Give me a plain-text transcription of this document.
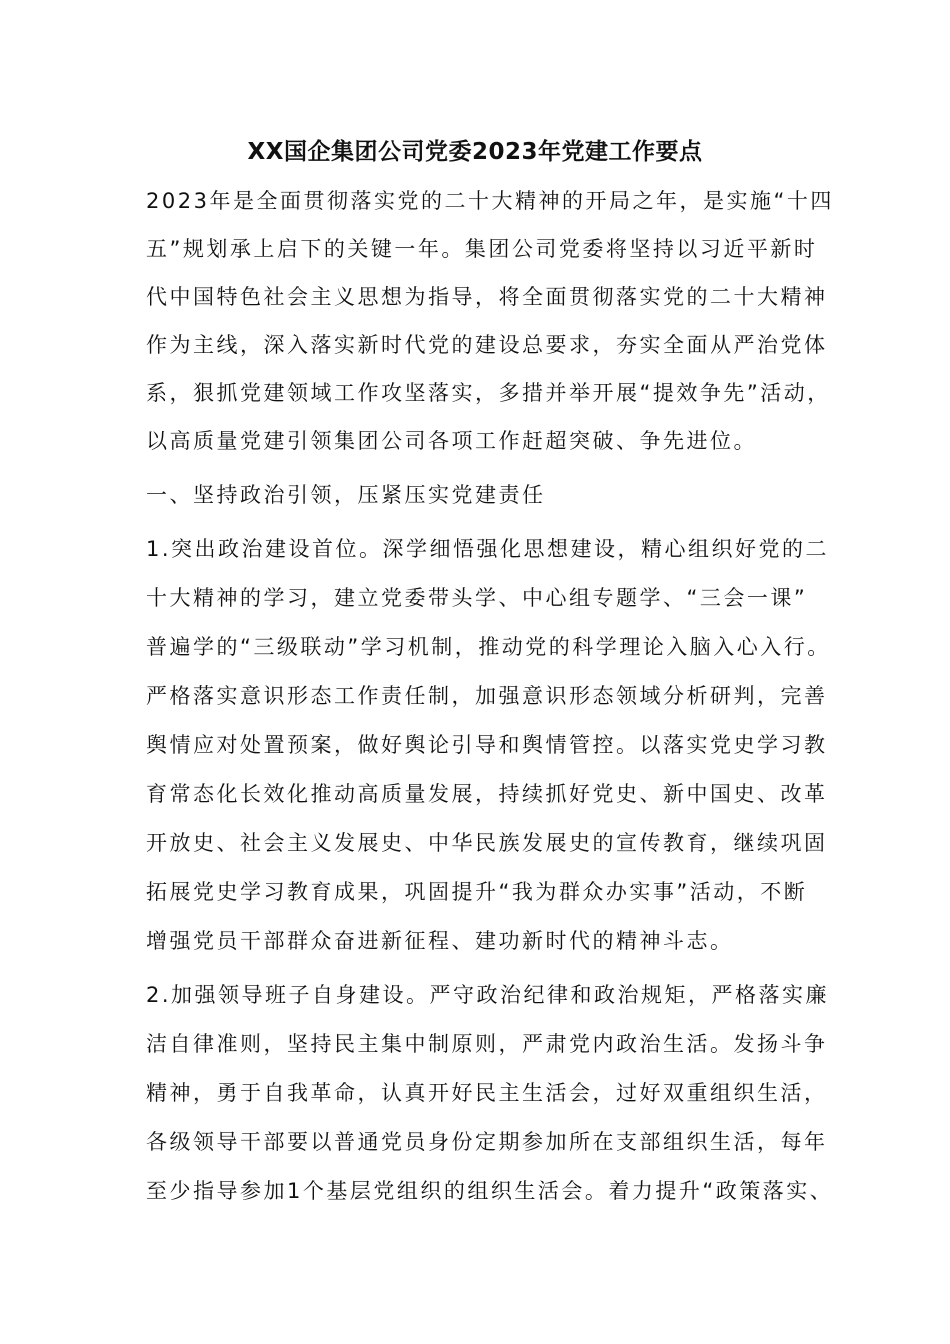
XX国企集团公司党委2023年党建工作要点
2023年是全面贯彻落实党的二十大精神的开局之年，是实施“十四
五”规划承上启下的关键一年。集团公司党委将坚持以习近平新时
代中国特色社会主义思想为指导，将全面贯彻落实党的二十大精神
作为主线，深入落实新时代党的建设总要求，夯实全面从严治党体
系，狠抓党建领域工作攻坚落实，多措并举开展“提效争先”活动，
以高质量党建引领集团公司各项工作赶超突破、争先进位。
一、坚持政治引领，压紧压实党建责任
1.突出政治建设首位。深学细悟强化思想建设，精心组织好党的二
十大精神的学习，建立党委带头学、中心组专题学、“三会一课”
普遍学的“三级联动”学习机制，推动党的科学理论入脑入心入行。
严格落实意识形态工作责任制，加强意识形态领域分析研判，完善
舆情应对处置预案，做好舆论引导和舆情管控。以落实党史学习教
育常态化长效化推动高质量发展，持续抓好党史、新中国史、改革
开放史、社会主义发展史、中华民族发展史的宣传教育，继续巩固
拓展党史学习教育成果，巩固提升“我为群众办实事”活动，不断
增强党员干部群众奋进新征程、建功新时代的精神斗志。
2.加强领导班子自身建设。严守政治纪律和政治规矩，严格落实廉
洁自律准则，坚持民主集中制原则，严肃党内政治生活。发扬斗争
精神，勇于自我革命，认真开好民主生活会，过好双重组织生活，
各级领导干部要以普通党员身份定期参加所在支部组织生活，每年
至少指导参加1个基层党组织的组织生活会。着力提升“政策落实、
